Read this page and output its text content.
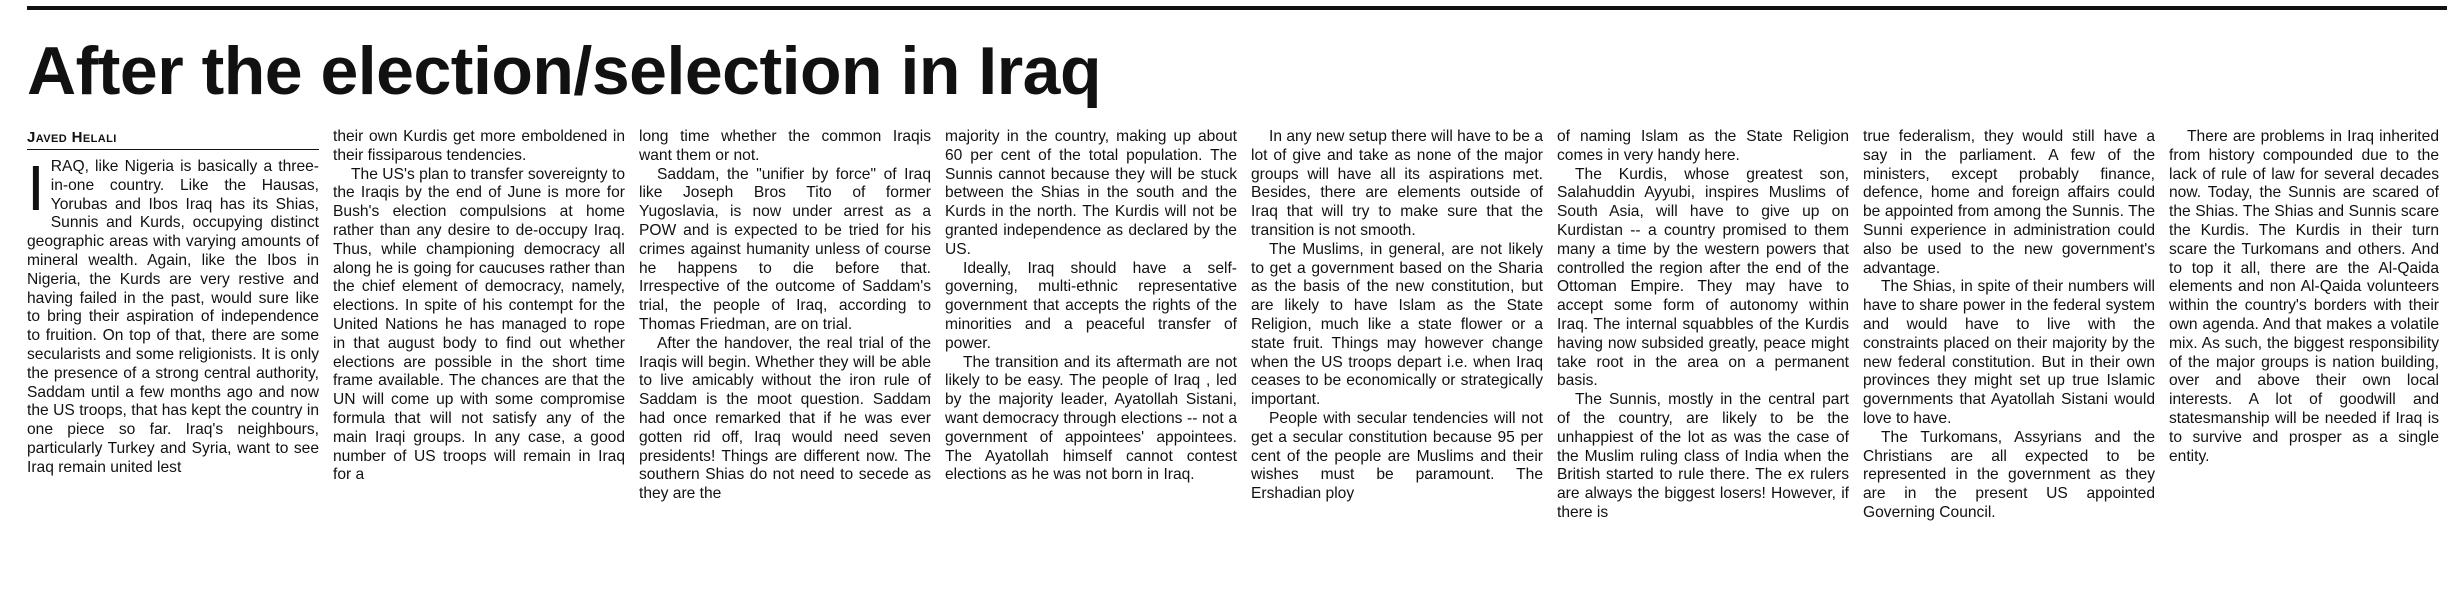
After the election/selection in Iraq
Javed Helali
I RAQ, like Nigeria is basically a three-in-one country. Like the Hausas, Yorubas and Ibos Iraq has its Shias, Sunnis and Kurds, occupying distinct geographic areas with varying amounts of mineral wealth. Again, like the Ibos in Nigeria, the Kurds are very restive and having failed in the past, would sure like to bring their aspiration of independence to fruition. On top of that, there are some secularists and some religionists. It is only the presence of a strong central authority, Saddam until a few months ago and now the US troops, that has kept the country in one piece so far. Iraq's neighbours, particularly Turkey and Syria, want to see Iraq remain united lest

their own Kurdis get more emboldened in their fissiparous tendencies.

The US's plan to transfer sovereignty to the Iraqis by the end of June is more for Bush's election compulsions at home rather than any desire to de-occupy Iraq. Thus, while championing democracy all along he is going for caucuses rather than the chief element of democracy, namely, elections. In spite of his contempt for the United Nations he has managed to rope in that august body to find out whether elections are possible in the short time frame available. The chances are that the UN will come up with some compromise formula that will not satisfy any of the main Iraqi groups. In any case, a good number of US troops will remain in Iraq for a

long time whether the common Iraqis want them or not.

Saddam, the "unifier by force" of Iraq like Joseph Bros Tito of former Yugoslavia, is now under arrest as a POW and is expected to be tried for his crimes against humanity unless of course he happens to die before that. Irrespective of the outcome of Saddam's trial, the people of Iraq, according to Thomas Friedman, are on trial.

After the handover, the real trial of the Iraqis will begin. Whether they will be able to live amicably without the iron rule of Saddam is the moot question. Saddam had once remarked that if he was ever gotten rid off, Iraq would need seven presidents! Things are different now. The southern Shias do not need to secede as they are the

majority in the country, making up about 60 per cent of the total population. The Sunnis cannot because they will be stuck between the Shias in the south and the Kurds in the north. The Kurdis will not be granted independence as declared by the US.

Ideally, Iraq should have a self-governing, multi-ethnic representative government that accepts the rights of the minorities and a peaceful transfer of power.

The transition and its aftermath are not likely to be easy. The people of Iraq , led by the majority leader, Ayatollah Sistani, want democracy through elections -- not a government of appointees' appointees. The Ayatollah himself cannot contest elections as he was not born in Iraq.

In any new setup there will have to be a lot of give and take as none of the major groups will have all its aspirations met. Besides, there are elements outside of Iraq that will try to make sure that the transition is not smooth.

The Muslims, in general, are not likely to get a government based on the Sharia as the basis of the new constitution, but are likely to have Islam as the State Religion, much like a state flower or a state fruit. Things may however change when the US troops depart i.e. when Iraq ceases to be economically or strategically important.

People with secular tendencies will not get a secular constitution because 95 per cent of the people are Muslims and their wishes must be paramount. The Ershadian ploy

of naming Islam as the State Religion comes in very handy here.

The Kurdis, whose greatest son, Salahuddin Ayyubi, inspires Muslims of South Asia, will have to give up on Kurdistan -- a country promised to them many a time by the western powers that controlled the region after the end of the Ottoman Empire. They may have to accept some form of autonomy within Iraq. The internal squabbles of the Kurdis having now subsided greatly, peace might take root in the area on a permanent basis.

The Sunnis, mostly in the central part of the country, are likely to be the unhappiest of the lot as was the case of the Muslim ruling class of India when the British started to rule there. The ex rulers are always the biggest losers! However, if there is

true federalism, they would still have a say in the parliament. A few of the ministers, except probably finance, defence, home and foreign affairs could be appointed from among the Sunnis. The Sunni experience in administration could also be used to the new government's advantage.

The Shias, in spite of their numbers will have to share power in the federal system and would have to live with the constraints placed on their majority by the new federal constitution. But in their own provinces they might set up true Islamic governments that Ayatollah Sistani would love to have.

The Turkomans, Assyrians and the Christians are all expected to be represented in the government as they are in the present US appointed Governing Council.

There are problems in Iraq inherited from history compounded due to the lack of rule of law for several decades now. Today, the Sunnis are scared of the Shias. The Shias and Sunnis scare the Kurdis. The Kurdis in their turn scare the Turkomans and others. And to top it all, there are the Al-Qaida elements and non Al-Qaida volunteers within the country's borders with their own agenda. And that makes a volatile mix. As such, the biggest responsibility of the major groups is nation building, over and above their own local interests. A lot of goodwill and statesmanship will be needed if Iraq is to survive and prosper as a single entity.
